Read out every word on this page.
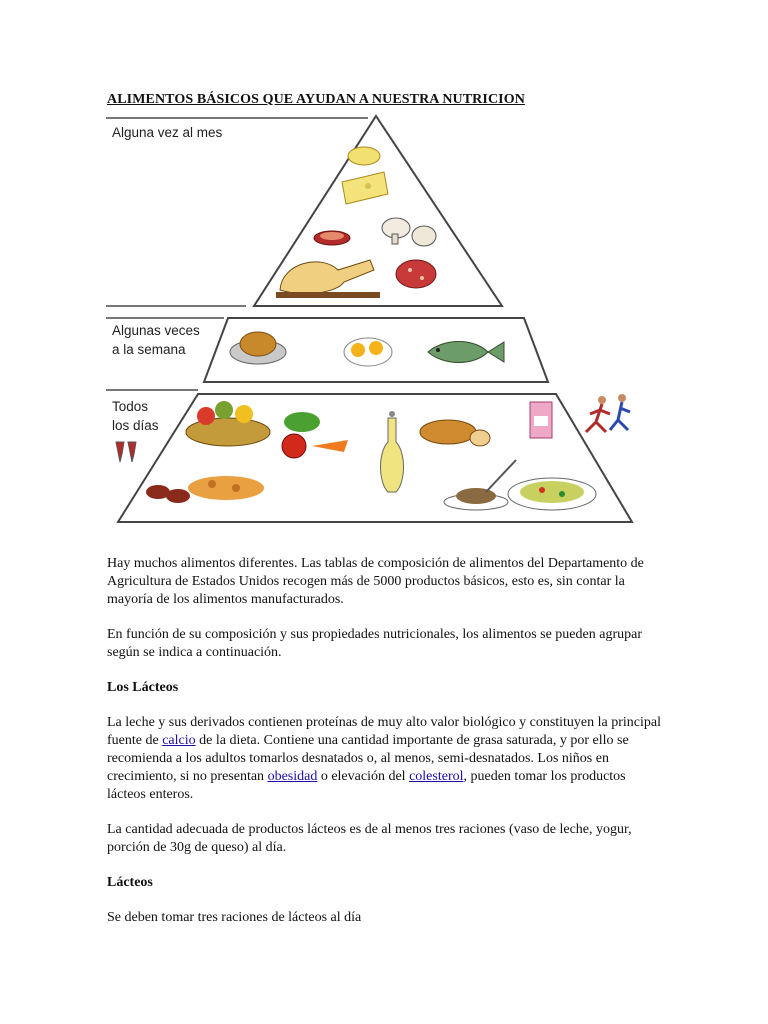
ALIMENTOS BÁSICOS QUE AYUDAN A NUESTRA NUTRICION
Alguna vez al mes
Algunas veces
a la semana
Todos
los días

Hay muchos alimentos diferentes. Las tablas de composición de alimentos del Departamento de Agricultura de Estados Unidos recogen más de 5000 productos básicos, esto es, sin contar la mayoría de los alimentos manufacturados.

En función de su composición y sus propiedades nutricionales, los alimentos se pueden agrupar según se indica a continuación.

Los Lácteos

La leche y sus derivados contienen proteínas de muy alto valor biológico y constituyen la principal fuente de calcio de la dieta. Contiene una cantidad importante de grasa saturada, y por ello se recomienda a los adultos tomarlos desnatados o, al menos, semi-desnatados. Los niños en crecimiento, si no presentan obesidad o elevación del colesterol, pueden tomar los productos lácteos enteros.

La cantidad adecuada de productos lácteos es de al menos tres raciones (vaso de leche, yogur, porción de 30g de queso) al día.

Lácteos

Se deben tomar tres raciones de lácteos al día
